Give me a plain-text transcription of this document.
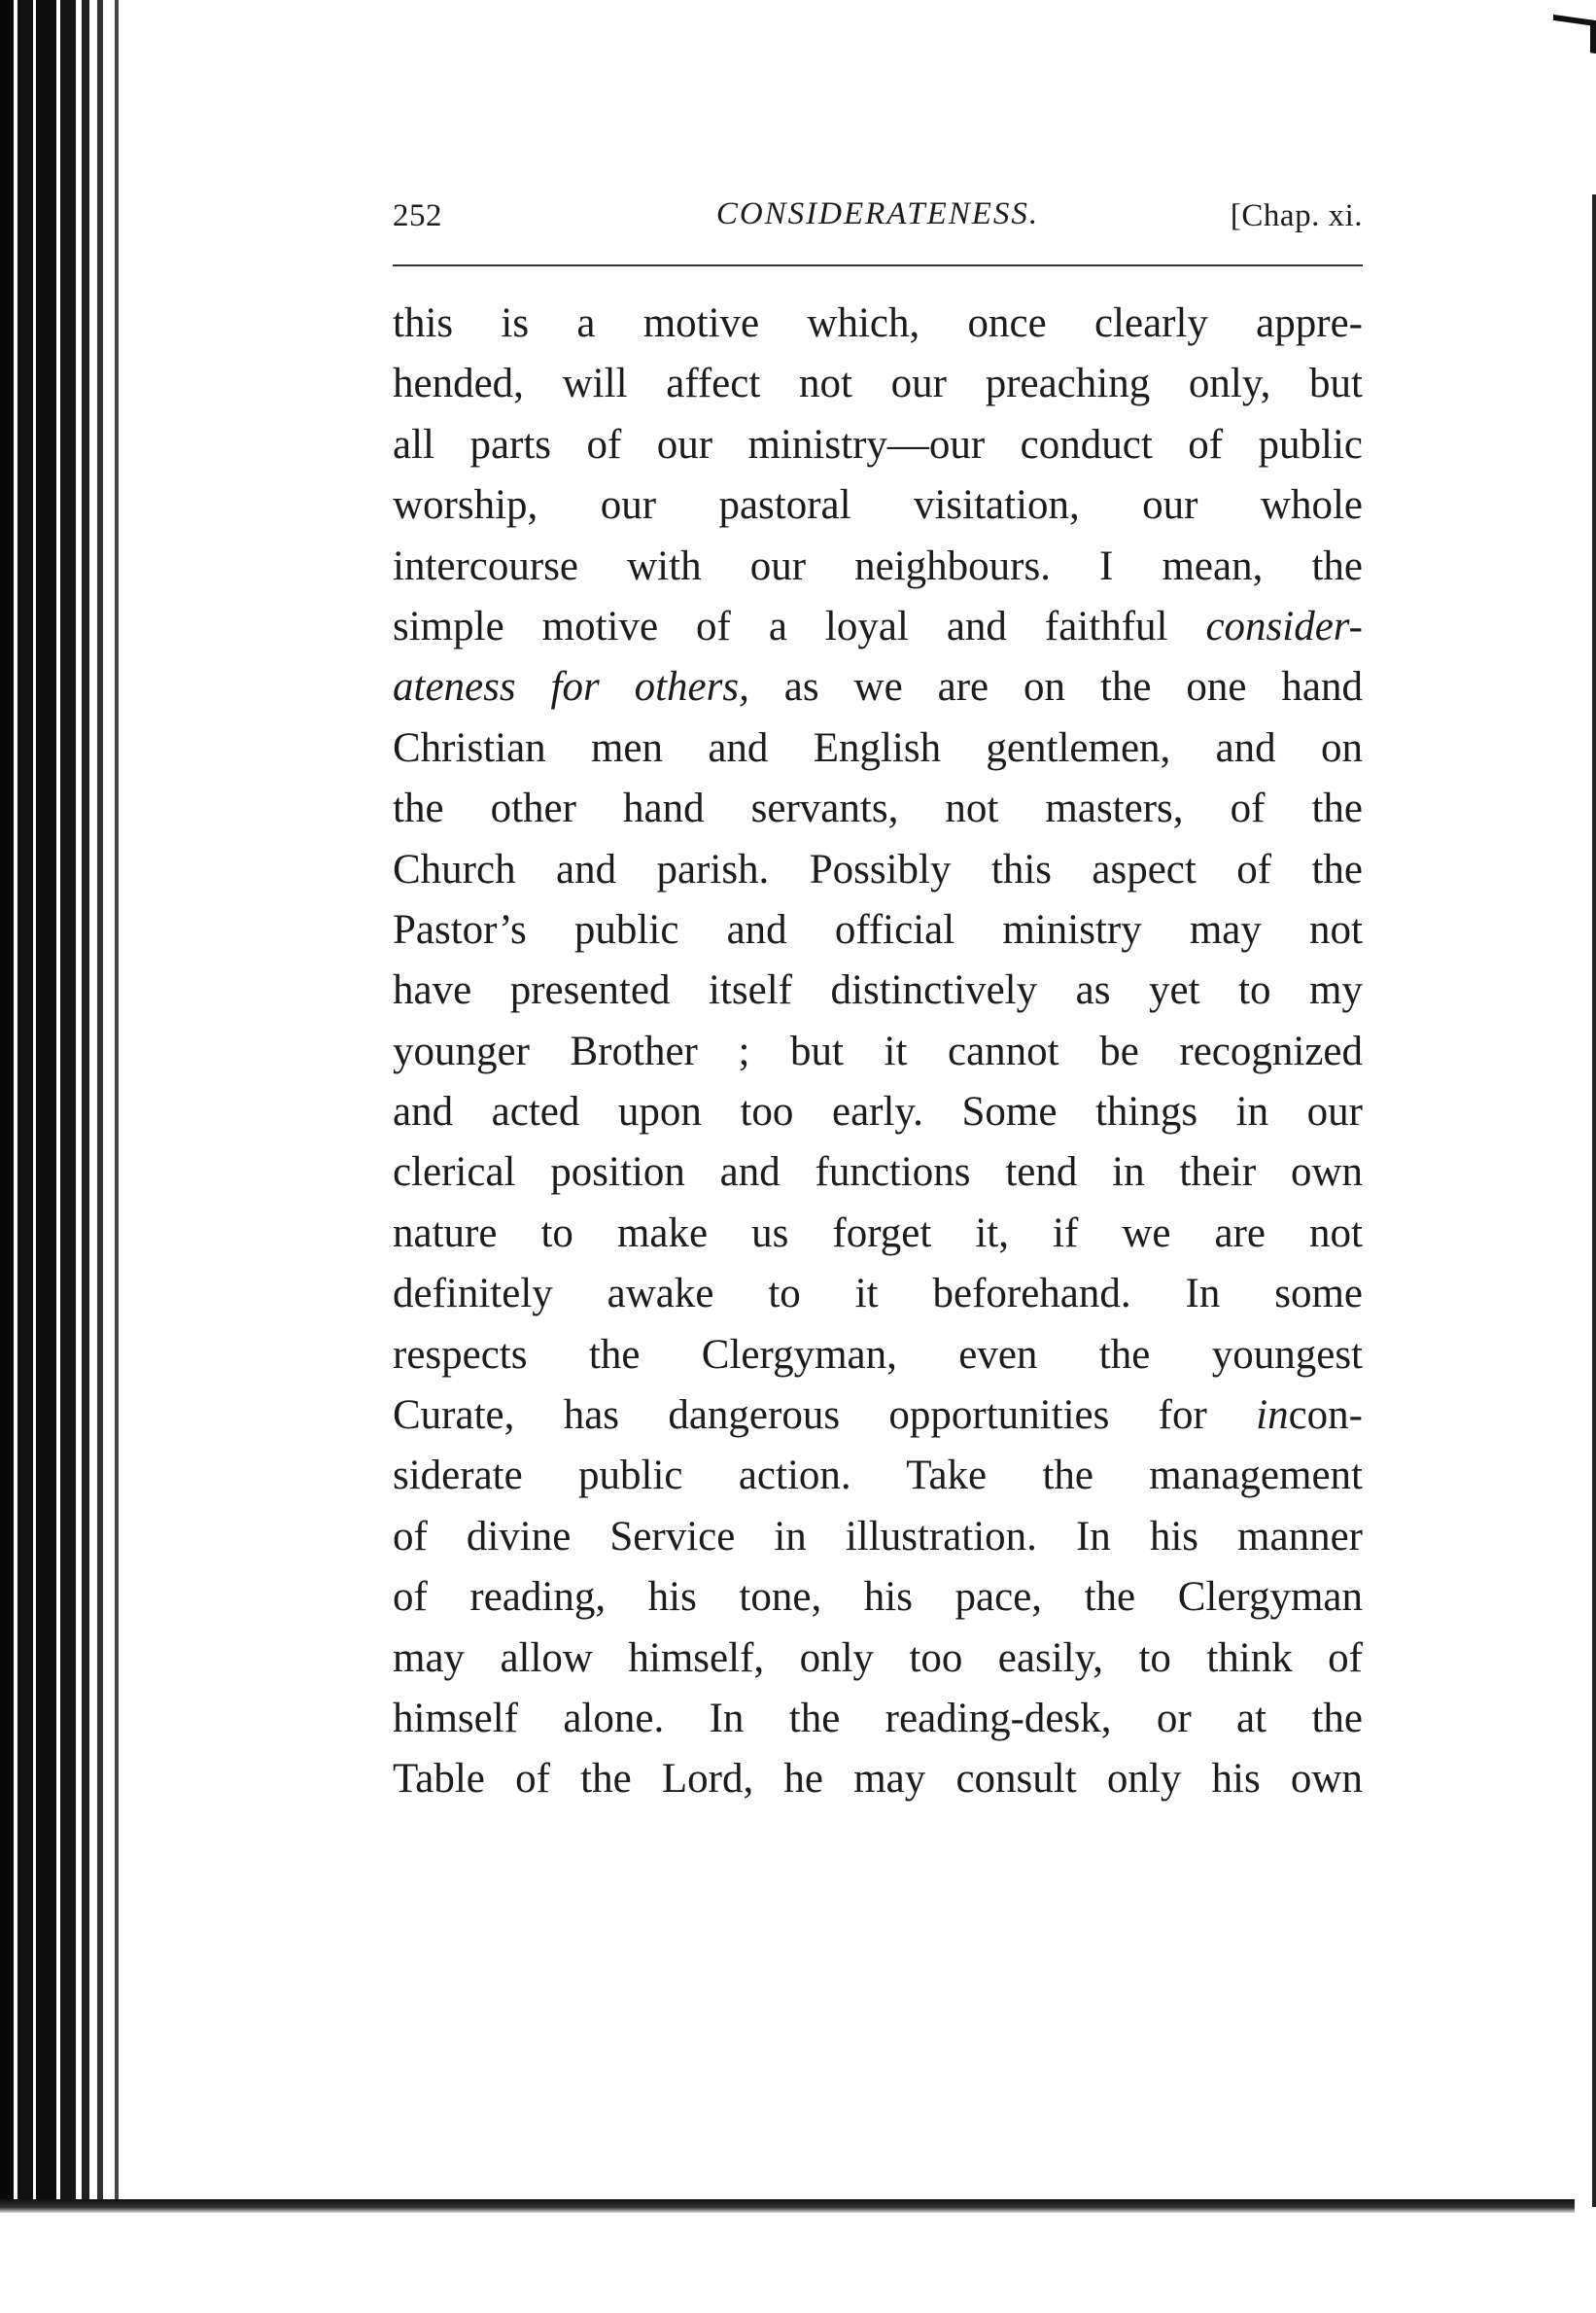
252	CONSIDERATENESS.	[Chap. xi.
this is a motive which, once clearly appre-
hended, will affect not our preaching only, but
all parts of our ministry—our conduct of public
worship, our pastoral visitation, our whole
intercourse with our neighbours. I mean, the
simple motive of a loyal and faithful consider-
ateness for others, as we are on the one hand
Christian men and English gentlemen, and on
the other hand servants, not masters, of the
Church and parish. Possibly this aspect of the
Pastor’s public and official ministry may not
have presented itself distinctively as yet to my
younger Brother ; but it cannot be recognized
and acted upon too early. Some things in our
clerical position and functions tend in their own
nature to make us forget it, if we are not
definitely awake to it beforehand. In some
respects the Clergyman, even the youngest
Curate, has dangerous opportunities for incon-
siderate public action. Take the management
of divine Service in illustration. In his manner
of reading, his tone, his pace, the Clergyman
may allow himself, only too easily, to think of
himself alone. In the reading-desk, or at the
Table of the Lord, he may consult only his own
